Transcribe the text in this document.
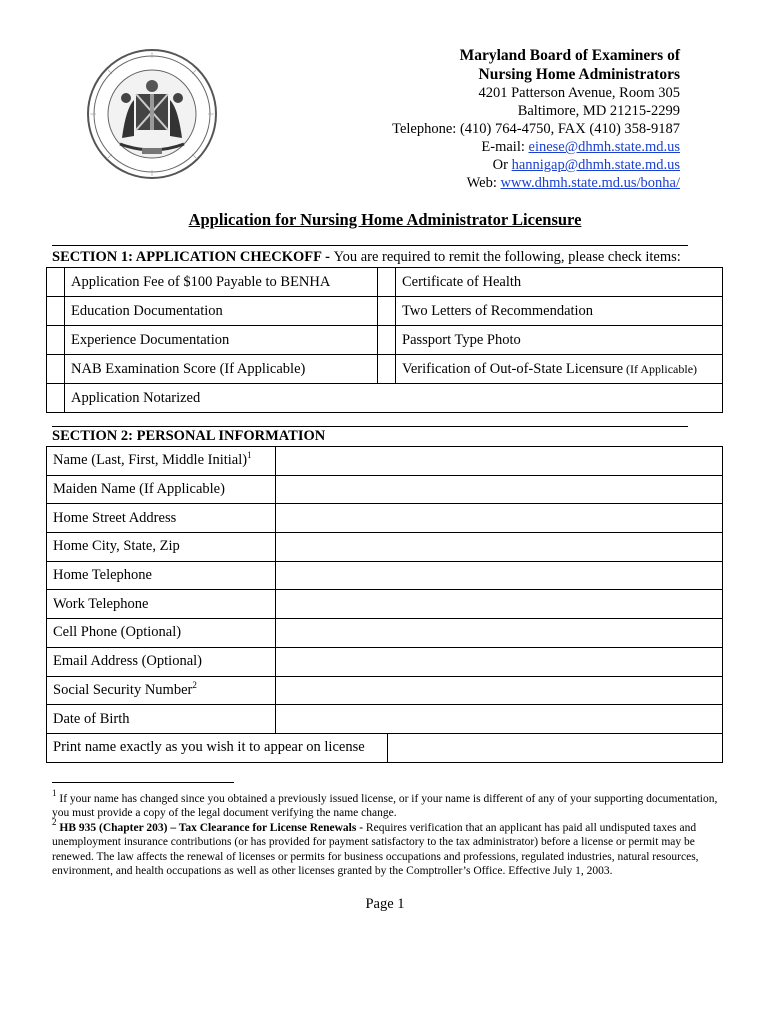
Maryland Board of Examiners of
Nursing Home Administrators
4201 Patterson Avenue, Room 305
Baltimore, MD 21215-2299
Telephone: (410) 764-4750, FAX (410) 358-9187
E-mail: einese@dhmh.state.md.us
Or hannigap@dhmh.state.md.us
Web: www.dhmh.state.md.us/bonha/
Application for Nursing Home Administrator Licensure
SECTION 1: APPLICATION CHECKOFF - You are required to remit the following, please check items:
	Application Fee of $100 Payable to BENHA		Certificate of Health
	Education Documentation		Two Letters of Recommendation
	Experience Documentation		Passport Type Photo
	NAB Examination Score (If Applicable)		Verification of Out-of-State Licensure (If Applicable)
	Application Notarized		
SECTION 2: PERSONAL INFORMATION
Name (Last, First, Middle Initial)$^1$	
Maiden Name (If Applicable)		
Home Street Address		
Home City, State, Zip		
Home Telephone		
Work Telephone		
Cell Phone (Optional)		
Email Address (Optional)		
Social Security Number$^2$	
Date of Birth		
Print name exactly as you wish it to appear on license		
$^1$ If your name has changed since you obtained a previously issued license, or if your name is different of any of your supporting documentation, you must provide a copy of the legal document verifying the name change.
$^2$ HB 935 (Chapter 203) – Tax Clearance for License Renewals - Requires verification that an applicant has paid all undisputed taxes and unemployment insurance contributions (or has provided for payment satisfactory to the tax administrator) before a license or permit may be renewed. The law affects the renewal of licenses or permits for business occupations and professions, regulated industries, natural resources, environment, and health occupations as well as other licenses granted by the Comptroller’s Office. Effective July 1, 2003.
Page 1
